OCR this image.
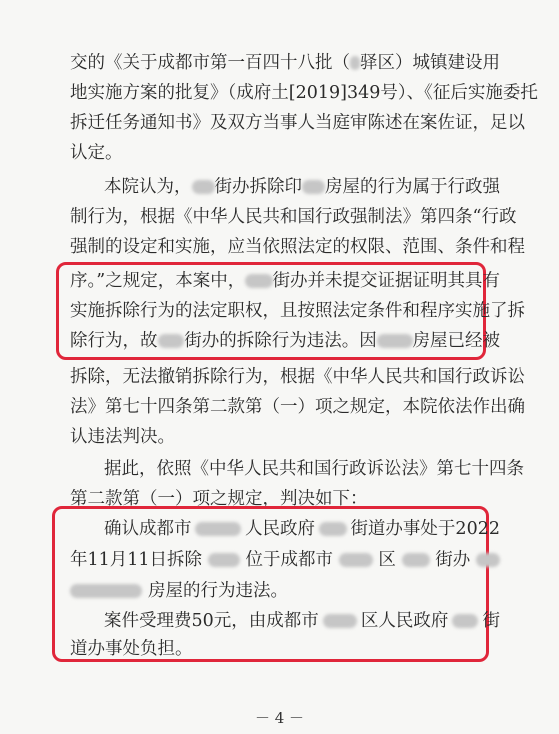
交的《关于成都市第一百四十八批（ 驿区）城镇建设用
地实施方案的批复》（成府土[2019]349号）、《征后实施委托
拆迁任务通知书》及双方当事人当庭审陈述在案佐证，足以
认定。
本院认为， 街办拆除印 房屋的行为属于行政强
制行为，根据《中华人民共和国行政强制法》第四条“行政
强制的设定和实施，应当依照法定的权限、范围、条件和程
序。”之规定，本案中， 街办并未提交证据证明其具有
实施拆除行为的法定职权，且按照法定条件和程序实施了拆
除行为，故 街办的拆除行为违法。因 房屋已经被
拆除，无法撤销拆除行为，根据《中华人民共和国行政诉讼
法》第七十四条第二款第（一）项之规定，本院依法作出确
认违法判决。
据此，依照《中华人民共和国行政诉讼法》第七十四条
第二款第（一）项之规定，判决如下：
确认成都市	人民政府 街道办事处于2022
年11月11日拆除 位于成都市	区 街办
房屋的行为违法。
案件受理费50元，由成都市 区人民政府 街
道办事处负担。
－ 4 －
